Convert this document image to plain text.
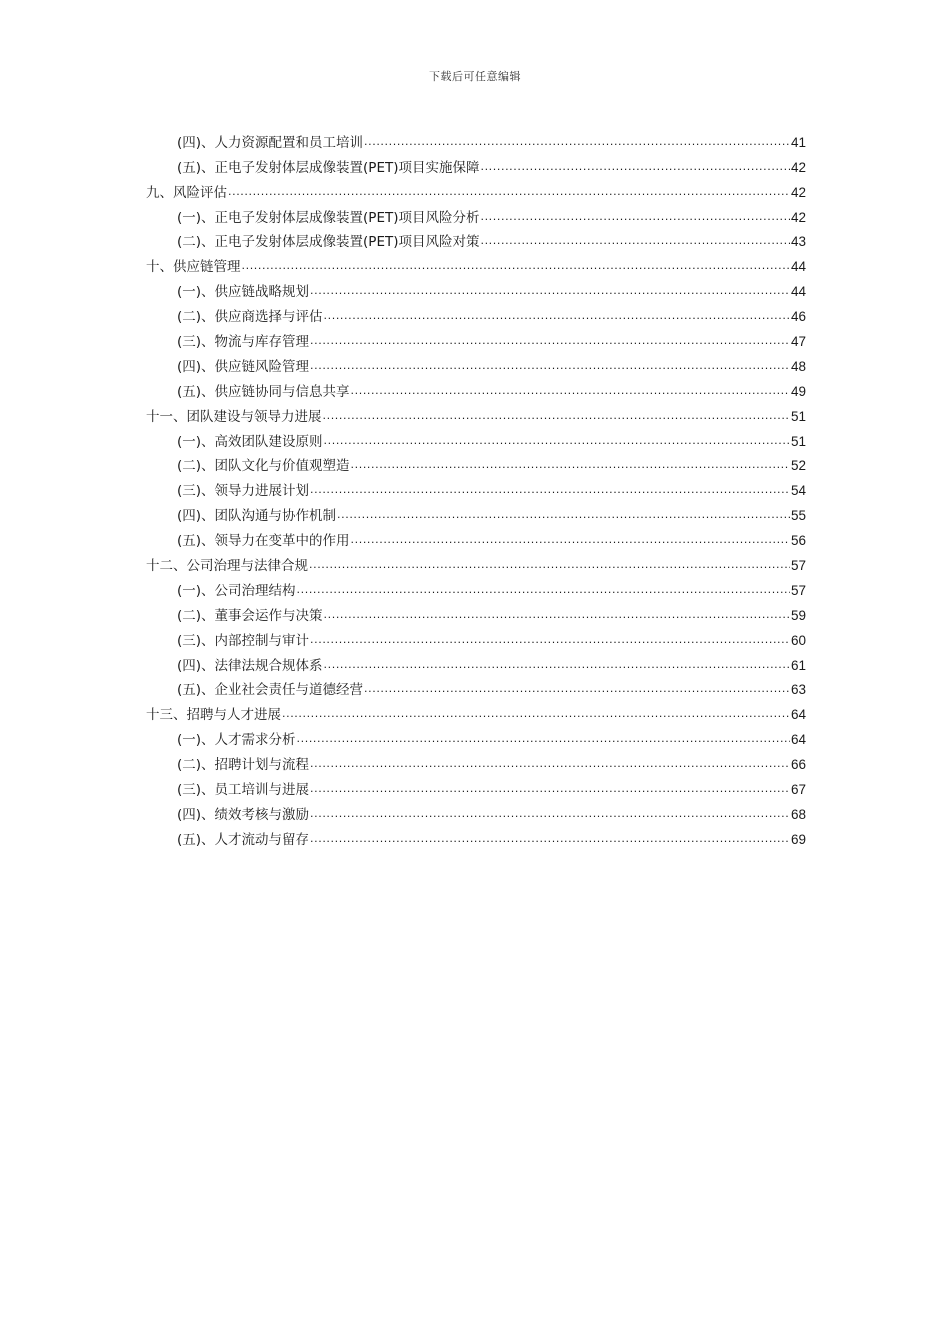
下载后可任意编辑
(四)、人力资源配置和员工培训 .....	41
(五)、正电子发射体层成像装置(PET)项目实施保障 .....	42
九、风险评估 .....	42
(一)、正电子发射体层成像装置(PET)项目风险分析 .....	42
(二)、正电子发射体层成像装置(PET)项目风险对策 .....	43
十、供应链管理 .....	44
(一)、供应链战略规划 .....	44
(二)、供应商选择与评估 .....	46
(三)、物流与库存管理 .....	47
(四)、供应链风险管理 .....	48
(五)、供应链协同与信息共享 .....	49
十一、团队建设与领导力进展 .....	51
(一)、高效团队建设原则 .....	51
(二)、团队文化与价值观塑造 .....	52
(三)、领导力进展计划 .....	54
(四)、团队沟通与协作机制 .....	55
(五)、领导力在变革中的作用 .....	56
十二、公司治理与法律合规 .....	57
(一)、公司治理结构 .....	57
(二)、董事会运作与决策 .....	59
(三)、内部控制与审计 .....	60
(四)、法律法规合规体系 .....	61
(五)、企业社会责任与道德经营 .....	63
十三、招聘与人才进展 .....	64
(一)、人才需求分析 .....	64
(二)、招聘计划与流程 .....	66
(三)、员工培训与进展 .....	67
(四)、绩效考核与激励 .....	68
(五)、人才流动与留存 .....	69
